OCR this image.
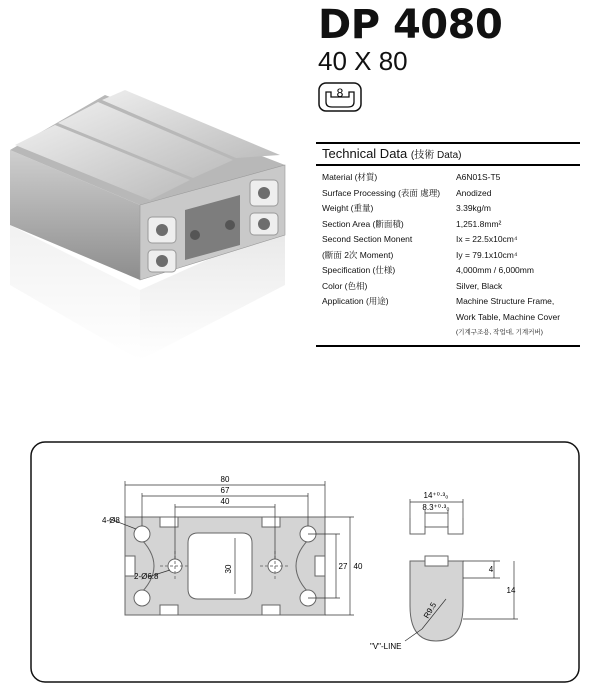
DP 4080
40 X 80
8
Technical Data (技術 Data)
Material (材質)	A6N01S-T5
Surface Processing (表面 處理)	Anodized
Weight (重量)	3.39kg/m
Section Area (斷面積)	1,251.8mm²
Second Section Monent	Ix = 22.5x10cm⁴
(斷面 2次 Moment)	Iy = 79.1x10cm⁴
Specification (仕様)	4,000mm / 6,000mm
Color (色相)	Silver, Black
Application (用途)	Machine Structure Frame,
Work Table, Machine Cover
(기계구조용, 작업대, 기계커버)
80
67
40
30	27 40
4-Ø8
2-Ø6.8
14⁺⁰·³₀
8.3⁺⁰·³₀
4
14
R9.5
"V"-LINE
